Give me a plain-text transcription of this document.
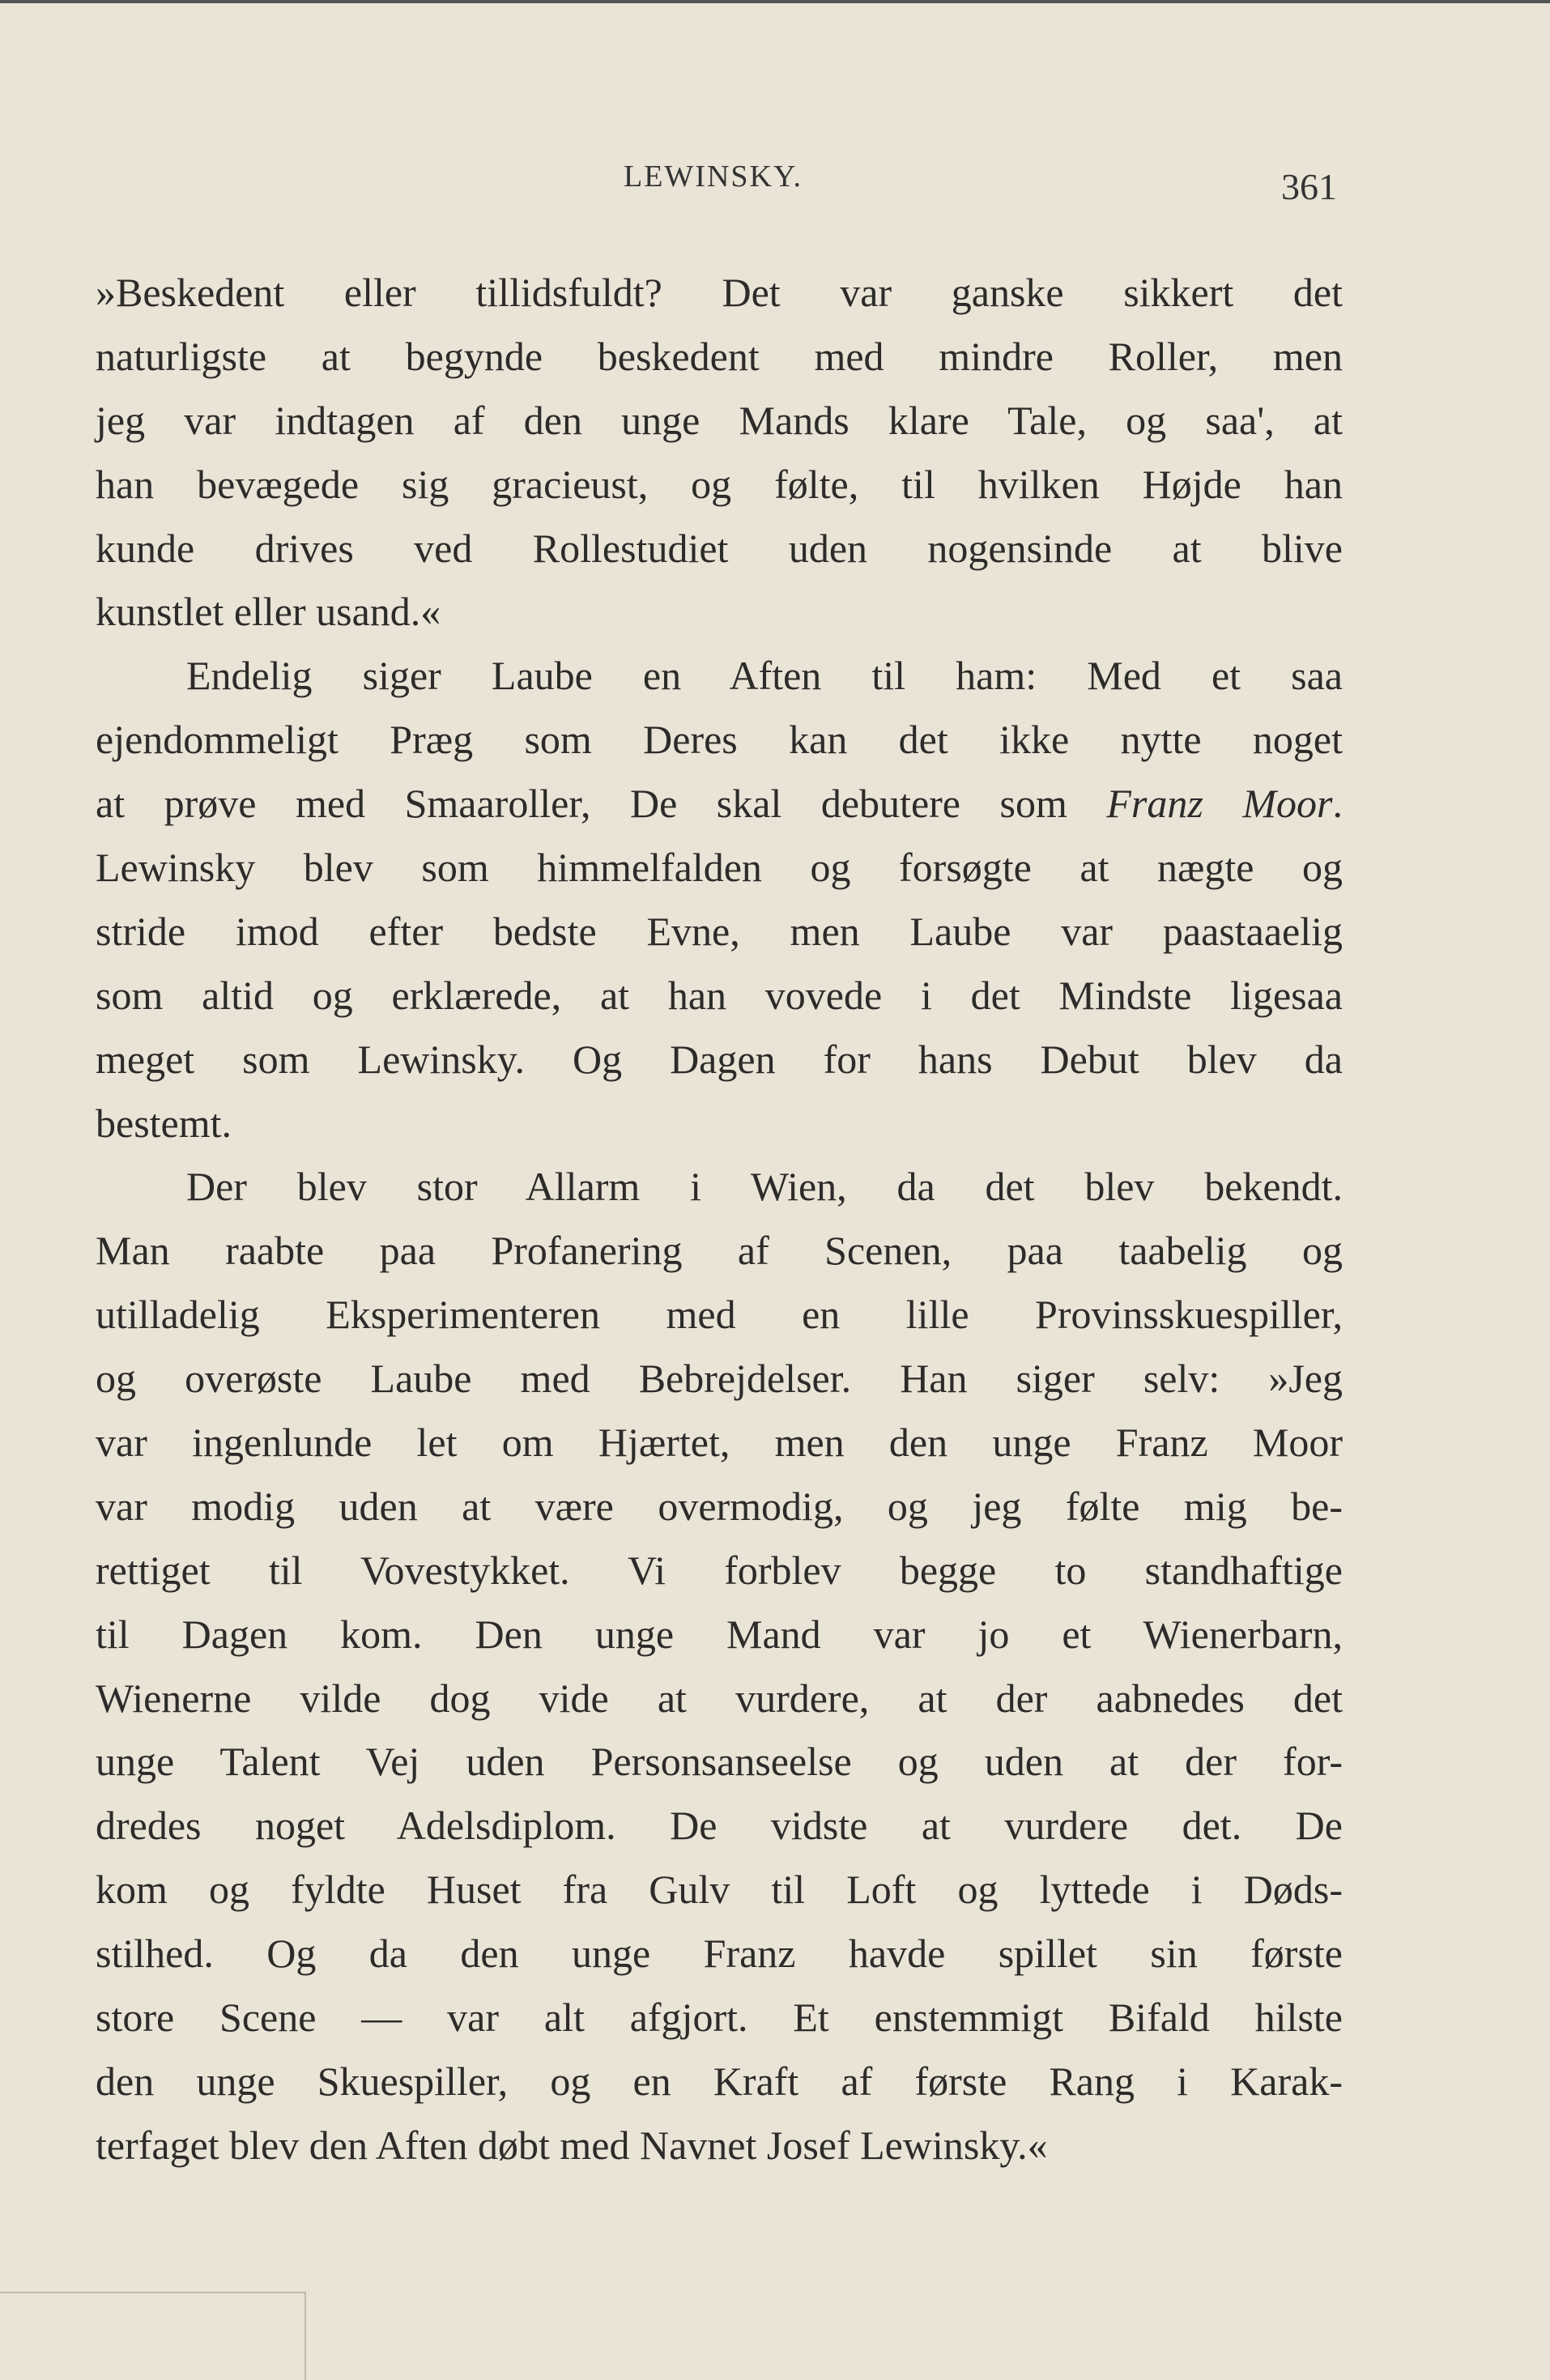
LEWINSKY.	361
»Beskedent eller tillidsfuldt? Det var ganske sikkert det
naturligste at begynde beskedent med mindre Roller, men
jeg var indtagen af den unge Mands klare Tale, og saa', at
han bevægede sig gracieust, og følte, til hvilken Højde han
kunde drives ved Rollestudiet uden nogensinde at blive
kunstlet eller usand.«
Endelig siger Laube en Aften til ham: Med et saa
ejendommeligt Præg som Deres kan det ikke nytte noget
at prøve med Smaaroller, De skal debutere som Franz Moor.
Lewinsky blev som himmelfalden og forsøgte at nægte og
stride imod efter bedste Evne, men Laube var paastaaelig
som altid og erklærede, at han vovede i det Mindste ligesaa
meget som Lewinsky. Og Dagen for hans Debut blev da
bestemt.
Der blev stor Allarm i Wien, da det blev bekendt.
Man raabte paa Profanering af Scenen, paa taabelig og
utilladelig Eksperimenteren med en lille Provinsskuespiller,
og overøste Laube med Bebrejdelser. Han siger selv: »Jeg
var ingenlunde let om Hjærtet, men den unge Franz Moor
var modig uden at være overmodig, og jeg følte mig be-
rettiget til Vovestykket. Vi forblev begge to standhaftige
til Dagen kom. Den unge Mand var jo et Wienerbarn,
Wienerne vilde dog vide at vurdere, at der aabnedes det
unge Talent Vej uden Personsanseelse og uden at der for-
dredes noget Adelsdiplom. De vidste at vurdere det. De
kom og fyldte Huset fra Gulv til Loft og lyttede i Døds-
stilhed. Og da den unge Franz havde spillet sin første
store Scene — var alt afgjort. Et enstemmigt Bifald hilste
den unge Skuespiller, og en Kraft af første Rang i Karak-
terfaget blev den Aften døbt med Navnet Josef Lewinsky.«
